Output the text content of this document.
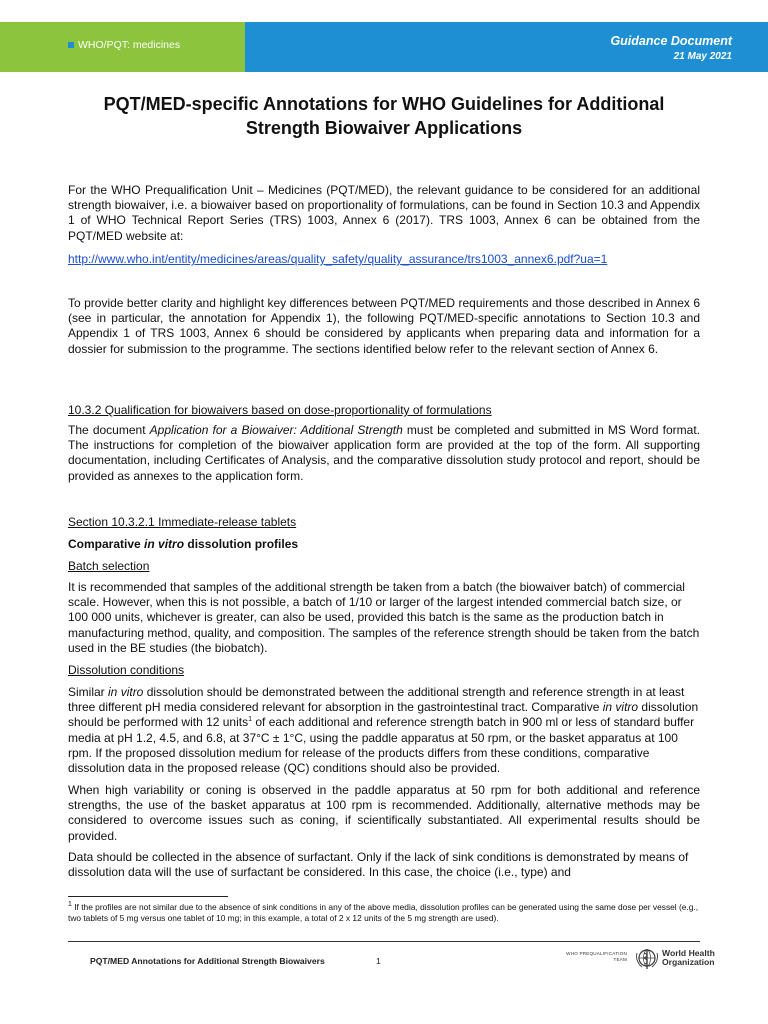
WHO/PQT: medicines	Guidance Document
21 May 2021
PQT/MED-specific Annotations for WHO Guidelines for Additional
Strength Biowaiver Applications
For the WHO Prequalification Unit – Medicines (PQT/MED), the relevant guidance to be considered for an additional strength biowaiver, i.e. a biowaiver based on proportionality of formulations, can be found in Section 10.3 and Appendix 1 of WHO Technical Report Series (TRS) 1003, Annex 6 (2017). TRS 1003, Annex 6 can be obtained from the PQT/MED website at:
http://www.who.int/entity/medicines/areas/quality_safety/quality_assurance/trs1003_annex6.pdf?ua=1
To provide better clarity and highlight key differences between PQT/MED requirements and those described in Annex 6 (see in particular, the annotation for Appendix 1), the following PQT/MED-specific annotations to Section 10.3 and Appendix 1 of TRS 1003, Annex 6 should be considered by applicants when preparing data and information for a dossier for submission to the programme. The sections identified below refer to the relevant section of Annex 6.
10.3.2 Qualification for biowaivers based on dose-proportionality of formulations
The document Application for a Biowaiver: Additional Strength must be completed and submitted in MS Word format. The instructions for completion of the biowaiver application form are provided at the top of the form. All supporting documentation, including Certificates of Analysis, and the comparative dissolution study protocol and report, should be provided as annexes to the application form.
Section 10.3.2.1 Immediate-release tablets
Comparative in vitro dissolution profiles
Batch selection
It is recommended that samples of the additional strength be taken from a batch (the biowaiver batch) of commercial scale. However, when this is not possible, a batch of 1/10 or larger of the largest intended commercial batch size, or 100 000 units, whichever is greater, can also be used, provided this batch is the same as the production batch in manufacturing method, quality, and composition. The samples of the reference strength should be taken from the batch used in the BE studies (the biobatch).
Dissolution conditions
Similar in vitro dissolution should be demonstrated between the additional strength and reference strength in at least three different pH media considered relevant for absorption in the gastrointestinal tract. Comparative in vitro dissolution should be performed with 12 units$^1$ of each additional and reference strength batch in 900 ml or less of standard buffer media at pH 1.2, 4.5, and 6.8, at 37°C ± 1°C, using the paddle apparatus at 50 rpm, or the basket apparatus at 100 rpm. If the proposed dissolution medium for release of the products differs from these conditions, comparative dissolution data in the proposed release (QC) conditions should also be provided.
When high variability or coning is observed in the paddle apparatus at 50 rpm for both additional and reference strengths, the use of the basket apparatus at 100 rpm is recommended. Additionally, alternative methods may be considered to overcome issues such as coning, if scientifically substantiated. All experimental results should be provided.
Data should be collected in the absence of surfactant. Only if the lack of sink conditions is demonstrated by means of dissolution data will the use of surfactant be considered. In this case, the choice (i.e., type) and
$^1$ If the profiles are not similar due to the absence of sink conditions in any of the above media, dissolution profiles can be generated using the same dose per vessel (e.g., two tablets of 5 mg versus one tablet of 10 mg; in this example, a total of 2 x 12 units of the 5 mg strength are used).
PQT/MED Annotations for Additional Strength Biowaivers	1
WHO PREQUALIFICATION
TEAM
World Health
Organization
